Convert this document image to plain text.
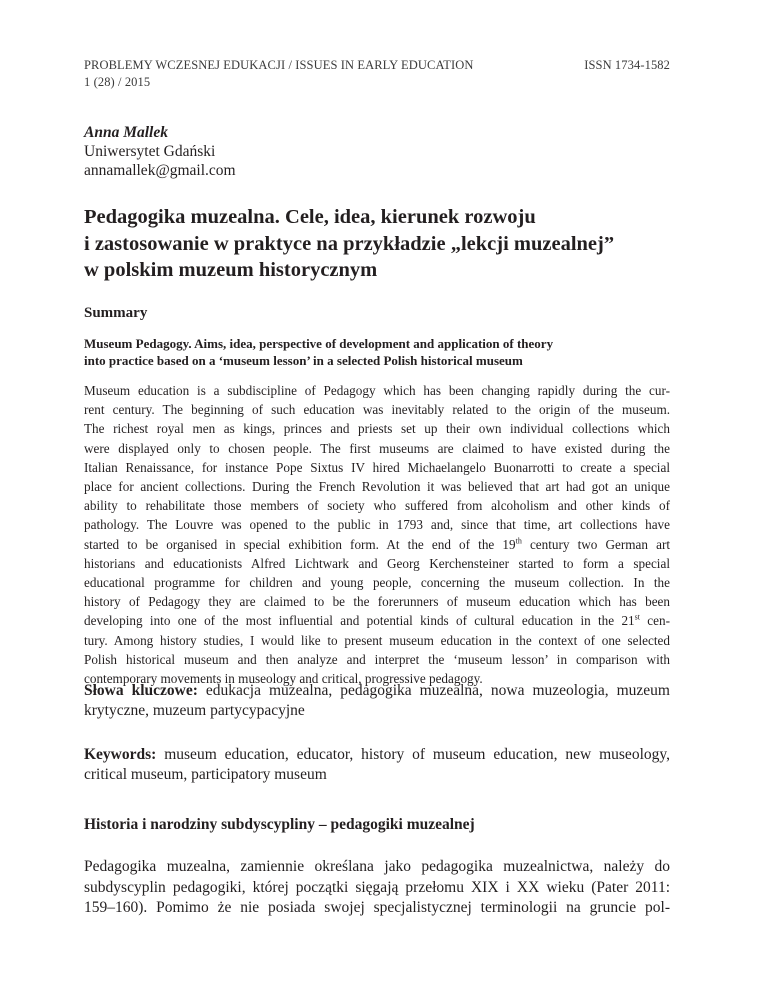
PROBLEMY WCZESNEJ EDUKACJI / ISSUES IN EARLY EDUCATION
1 (28) / 2015
ISSN 1734-1582
Anna Mallek
Uniwersytet Gdański
annamallek@gmail.com
Pedagogika muzealna. Cele, idea, kierunek rozwoju
i zastosowanie w praktyce na przykładzie „lekcji muzealnej”
w polskim muzeum historycznym
Summary
Museum Pedagogy. Aims, idea, perspective of development and application of theory
into practice based on a ‘museum lesson’ in a selected Polish historical museum
Museum education is a subdiscipline of Pedagogy which has been changing rapidly during the cur-
rent century. The beginning of such education was inevitably related to the origin of the museum.
The richest royal men as kings, princes and priests set up their own individual collections which
were displayed only to chosen people. The first museums are claimed to have existed during the
Italian Renaissance, for instance Pope Sixtus IV hired Michaelangelo Buonarrotti to create a special
place for ancient collections. During the French Revolution it was believed that art had got an unique
ability to rehabilitate those members of society who suffered from alcoholism and other kinds of
pathology. The Louvre was opened to the public in 1793 and, since that time, art collections have
started to be organised in special exhibition form. At the end of the 19th century two German art
historians and educationists Alfred Lichtwark and Georg Kerchensteiner started to form a special
educational programme for children and young people, concerning the museum collection. In the
history of Pedagogy they are claimed to be the forerunners of museum education which has been
developing into one of the most influential and potential kinds of cultural education in the 21st cen-
tury. Among history studies, I would like to present museum education in the context of one selected
Polish historical museum and then analyze and interpret the ‘museum lesson’ in comparison with
contemporary movements in museology and critical, progressive pedagogy.
Słowa kluczowe: edukacja muzealna, pedagogika muzealna, nowa muzeologia, muzeum
krytyczne, muzeum partycypacyjne
Keywords: museum education, educator, history of museum education, new museology,
critical museum, participatory museum
Historia i narodziny subdyscypliny – pedagogiki muzealnej
Pedagogika muzealna, zamiennie określana jako pedagogika muzealnictwa, należy do
subdyscyplin pedagogiki, której początki sięgają przełomu XIX i XX wieku (Pater 2011:
159–160). Pomimo że nie posiada swojej specjalistycznej terminologii na gruncie pol-
